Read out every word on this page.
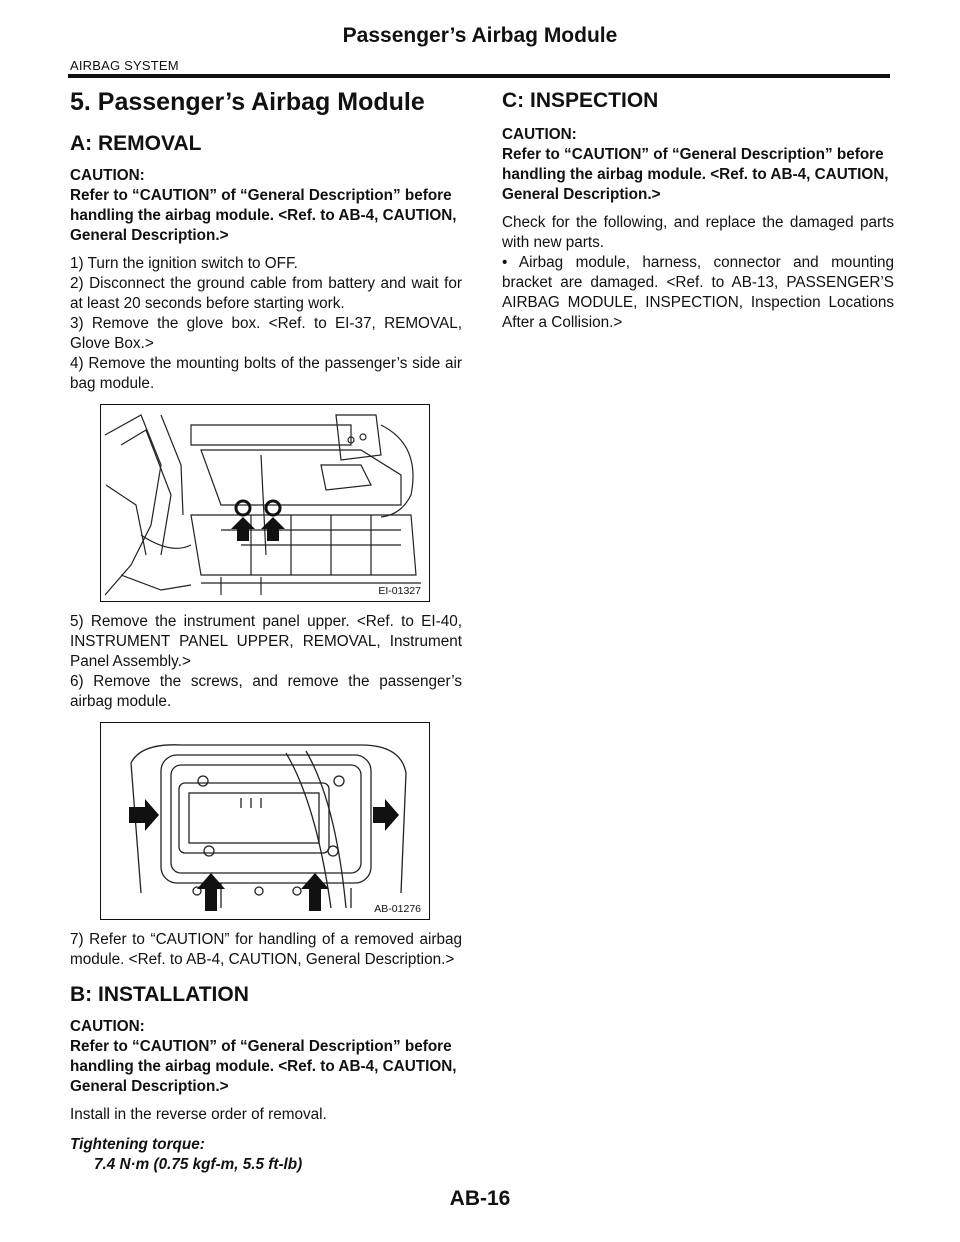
Passenger’s Airbag Module
AIRBAG SYSTEM
5. Passenger’s Airbag Module
A: REMOVAL
CAUTION:
Refer to “CAUTION” of “General Description” before handling the airbag module. <Ref. to AB-4, CAUTION, General Description.>

1) Turn the ignition switch to OFF.

2) Disconnect the ground cable from battery and wait for at least 20 seconds before starting work.

3) Remove the glove box. <Ref. to EI-37, REMOVAL, Glove Box.>

4) Remove the mounting bolts of the passenger’s side air bag module.

EI-01327

5) Remove the instrument panel upper. <Ref. to EI-40, INSTRUMENT PANEL UPPER, REMOVAL, Instrument Panel Assembly.>

6) Remove the screws, and remove the passenger’s airbag module.

AB-01276

7) Refer to “CAUTION” for handling of a removed airbag module. <Ref. to AB-4, CAUTION, General Description.>

B: INSTALLATION
CAUTION:
Refer to “CAUTION” of “General Description” before handling the airbag module. <Ref. to AB-4, CAUTION, General Description.>

Install in the reverse order of removal.

Tightening torque:

7.4 N·m (0.75 kgf-m, 5.5 ft-lb)

C: INSPECTION
CAUTION:
Refer to “CAUTION” of “General Description” before handling the airbag module. <Ref. to AB-4, CAUTION, General Description.>

Check for the following, and replace the damaged parts with new parts.

• Airbag module, harness, connector and mounting bracket are damaged. <Ref. to AB-13, PASSENGER’S AIRBAG MODULE, INSPECTION, Inspection Locations After a Collision.>

AB-16
